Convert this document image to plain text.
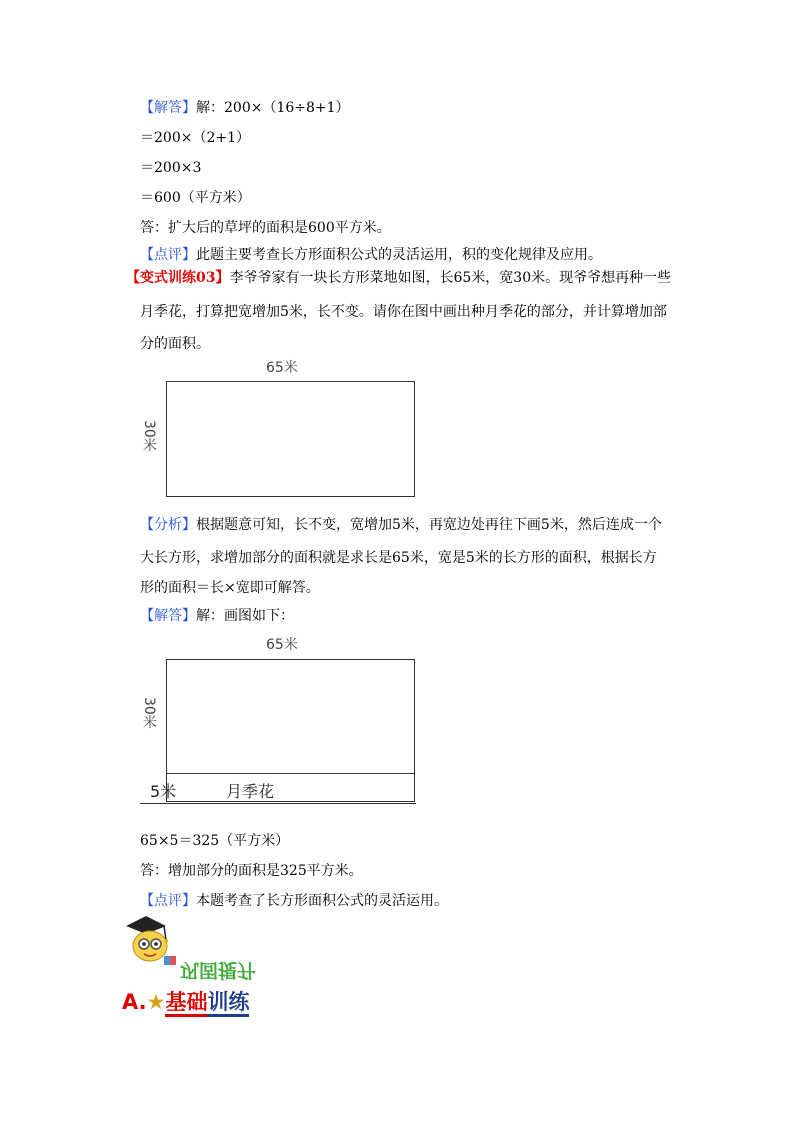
【解答】解：200×（16÷8+1）
＝200×（2+1）
＝200×3
＝600（平方米）
答：扩大后的草坪的面积是600平方米。
【点评】此题主要考查长方形面积公式的灵活运用，积的变化规律及应用。
【变式训练03】李爷爷家有一块长方形菜地如图，长65米，宽30米。现爷爷想再种一些
月季花，打算把宽增加5米，长不变。请你在图中画出种月季花的部分，并计算增加部
分的面积。
65米
30米
【分析】根据题意可知，长不变，宽增加5米，再宽边处再往下画5米，然后连成一个
大长方形，求增加部分的面积就是求长是65米，宽是5米的长方形的面积，根据长方
形的面积＝长×宽即可解答。
【解答】解：画图如下：
65米
30米
5米	月季花
65×5＝325（平方米）
答：增加部分的面积是325平方米。
【点评】本题考查了长方形面积公式的灵活运用。
巩固提升
A.★基础训练
